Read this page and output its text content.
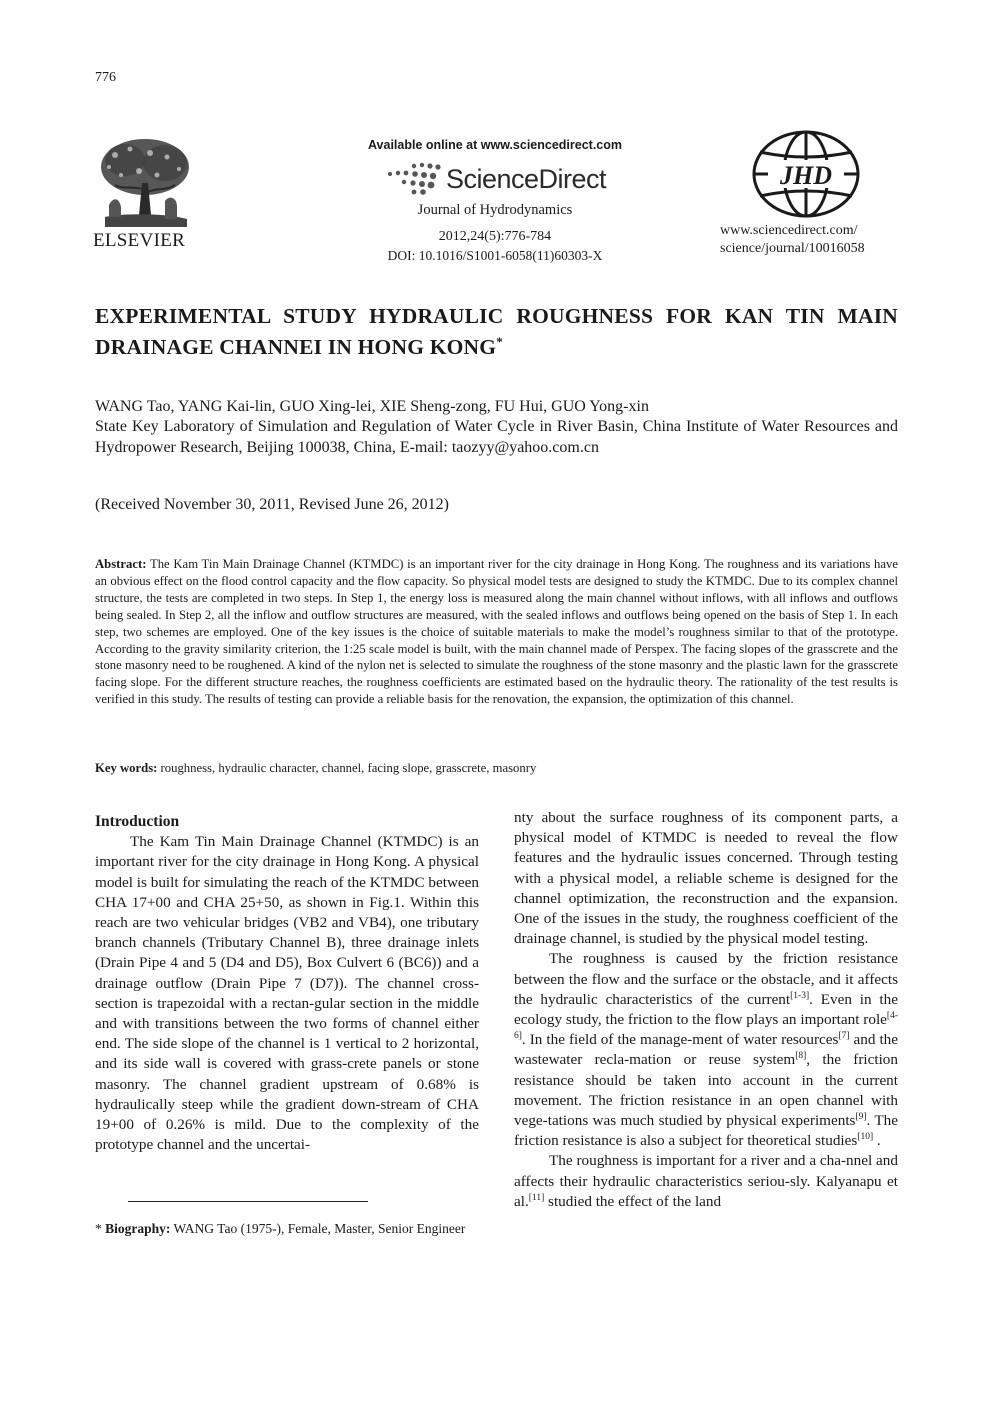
776
ELSEVIER
Available online at www.sciencedirect.com
ScienceDirect
Journal of Hydrodynamics
2012,24(5):776-784
DOI: 10.1016/S1001-6058(11)60303-X
JHD
www.sciencedirect.com/
science/journal/10016058
EXPERIMENTAL STUDY HYDRAULIC ROUGHNESS FOR KAN TIN MAIN DRAINAGE CHANNEI IN HONG KONG*
WANG Tao, YANG Kai-lin, GUO Xing-lei, XIE Sheng-zong, FU Hui, GUO Yong-xin
State Key Laboratory of Simulation and Regulation of Water Cycle in River Basin, China Institute of Water Resources and Hydropower Research, Beijing 100038, China, E-mail: taozyy@yahoo.com.cn
(Received November 30, 2011, Revised June 26, 2012)
Abstract: The Kam Tin Main Drainage Channel (KTMDC) is an important river for the city drainage in Hong Kong. The roughness and its variations have an obvious effect on the flood control capacity and the flow capacity. So physical model tests are designed to study the KTMDC. Due to its complex channel structure, the tests are completed in two steps. In Step 1, the energy loss is measured along the main channel without inflows, with all inflows and outflows being sealed. In Step 2, all the inflow and outflow structures are measured, with the sealed inflows and outflows being opened on the basis of Step 1. In each step, two schemes are employed. One of the key issues is the choice of suitable materials to make the model’s roughness similar to that of the prototype. According to the gravity similarity criterion, the 1:25 scale model is built, with the main channel made of Perspex. The facing slopes of the grasscrete and the stone masonry need to be roughened. A kind of the nylon net is selected to simulate the roughness of the stone masonry and the plastic lawn for the grasscrete facing slope. For the different structure reaches, the roughness coefficients are estimated based on the hydraulic theory. The rationality of the test results is verified in this study. The results of testing can provide a reliable basis for the renovation, the expansion, the optimization of this channel.
Key words: roughness, hydraulic character, channel, facing slope, grasscrete, masonry
Introduction

The Kam Tin Main Drainage Channel (KTMDC) is an important river for the city drainage in Hong Kong. A physical model is built for simulating the reach of the KTMDC between CHA 17+00 and CHA 25+50, as shown in Fig.1. Within this reach are two vehicular bridges (VB2 and VB4), one tributary branch channels (Tributary Channel B), three drainage inlets (Drain Pipe 4 and 5 (D4 and D5), Box Culvert 6 (BC6)) and a drainage outflow (Drain Pipe 7 (D7)). The channel cross-section is trapezoidal with a rectan-gular section in the middle and with transitions between the two forms of channel either end. The side slope of the channel is 1 vertical to 2 horizontal, and its side wall is covered with grass-crete panels or stone masonry. The channel gradient upstream of 0.68% is hydraulically steep while the gradient down-stream of CHA 19+00 of 0.26% is mild. Due to the complexity of the prototype channel and the uncertai-

nty about the surface roughness of its component parts, a physical model of KTMDC is needed to reveal the flow features and the hydraulic issues concerned. Through testing with a physical model, a reliable scheme is designed for the channel optimization, the reconstruction and the expansion. One of the issues in the study, the roughness coefficient of the drainage channel, is studied by the physical model testing.

The roughness is caused by the friction resistance between the flow and the surface or the obstacle, and it affects the hydraulic characteristics of the current[1-3]. Even in the ecology study, the friction to the flow plays an important role[4-6]. In the field of the manage-ment of water resources[7] and the wastewater recla-mation or reuse system[8], the friction resistance should be taken into account in the current movement. The friction resistance in an open channel with vege-tations was much studied by physical experiments[9]. The friction resistance is also a subject for theoretical studies[10] .

The roughness is important for a river and a cha-nnel and affects their hydraulic characteristics seriou-sly. Kalyanapu et al.[11] studied the effect of the land

* Biography: WANG Tao (1975-), Female, Master, Senior Engineer
